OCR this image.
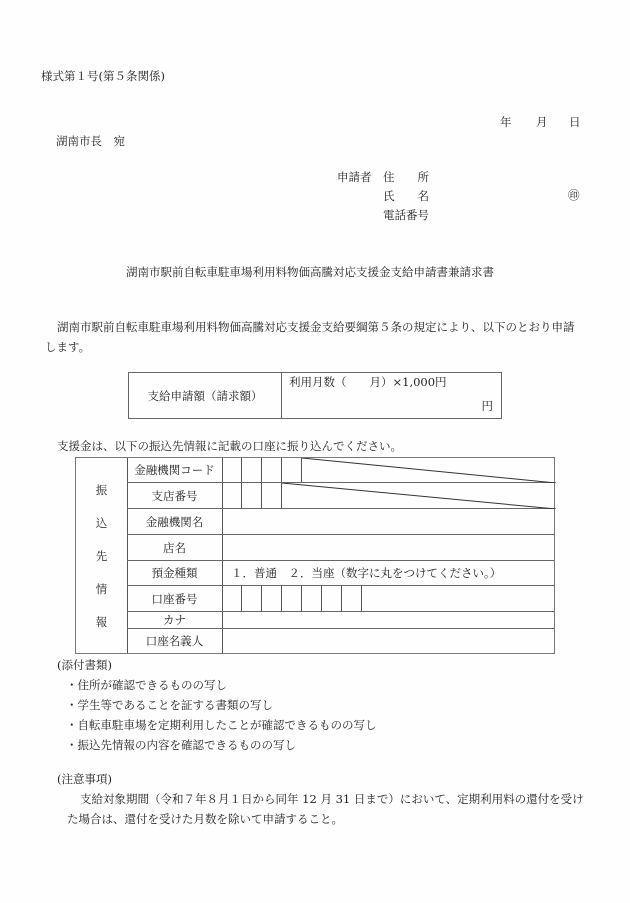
様式第１号(第５条関係)
年 月 日
湖南市長　宛
申請者 住　　所
氏　　名	㊞
電話番号
湖南市駅前自転車駐車場利用料物価高騰対応支援金支給申請書兼請求書
湖南市駅前自転車駐車場利用料物価高騰対応支援金支給要綱第５条の規定により、以下のとおり申請
します。
支給申請額（請求額）
利用月数（　　月）×1,000円
円
支援金は、以下の振込先情報に記載の口座に振り込んでください。
振
込
先
情
報
金融機関コード
支店番号
金融機関名
店名
預金種類	１．普通　２．当座（数字に丸をつけてください。）
口座番号
カナ
口座名義人
(添付書類)
・住所が確認できるものの写し
・学生等であることを証する書類の写し
・自転車駐車場を定期利用したことが確認できるものの写し
・振込先情報の内容を確認できるものの写し
(注意事項)
支給対象期間（令和７年８月１日から同年 12 月 31 日まで）において、定期利用料の還付を受け
た場合は、還付を受けた月数を除いて申請すること。
